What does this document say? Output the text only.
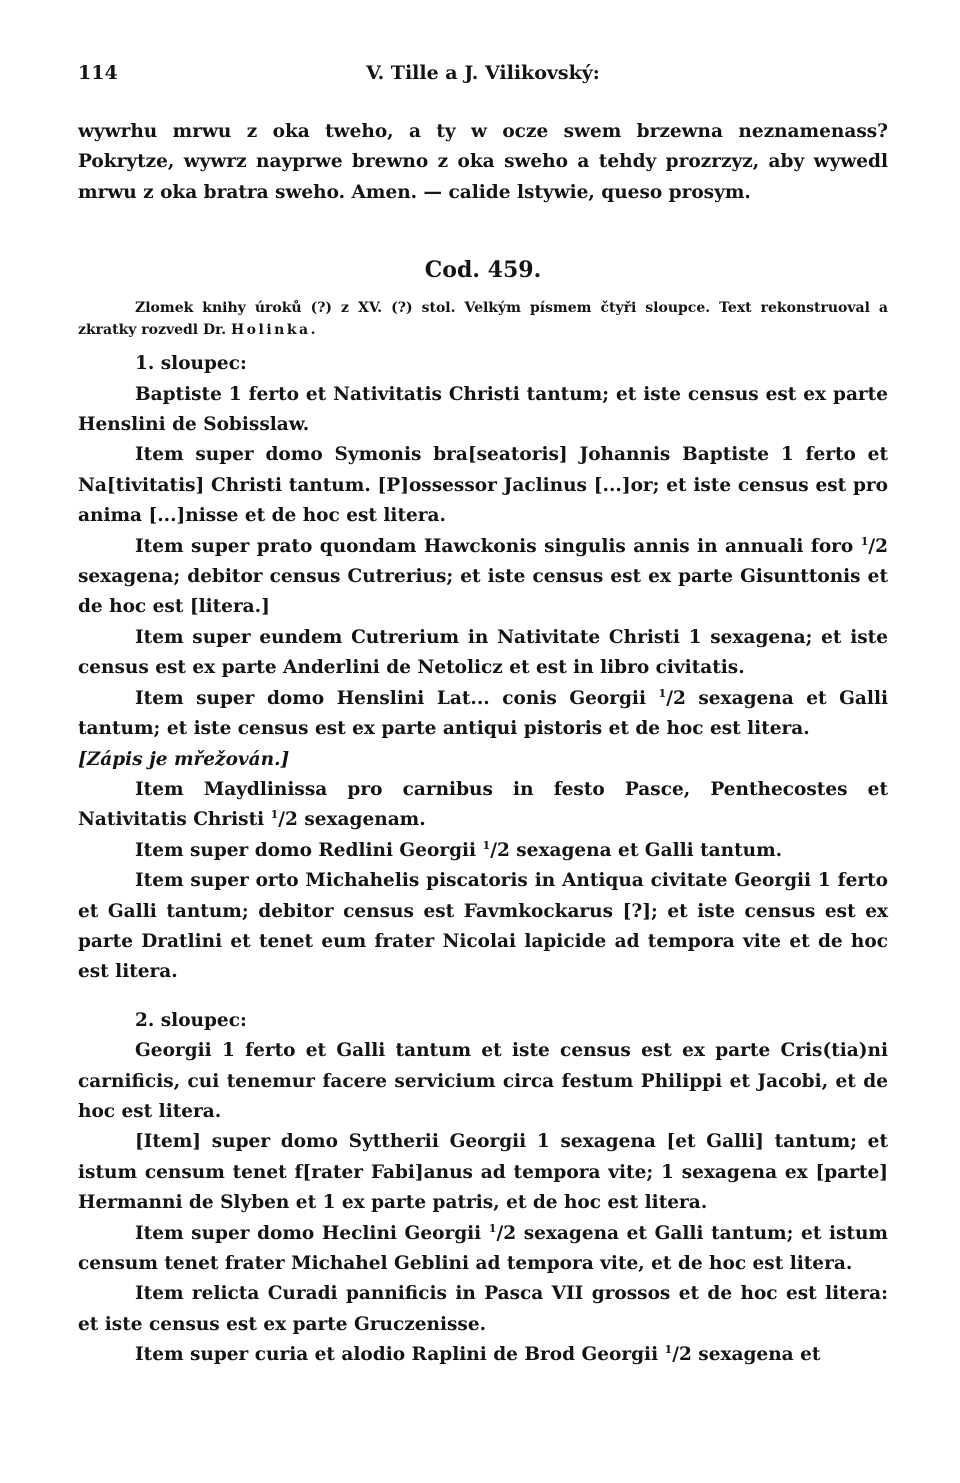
114	V. Tille a J. Vilikovský:

wywrhu mrwu z oka tweho, a ty w ocze swem brzewna neznamenass? Pokrytze, wywrz nayprwe brewno z oka sweho a tehdy prozrzyz, aby wywedl mrwu z oka bratra sweho. Amen. — calide lstywie, queso prosym.

Cod. 459.
Zlomek knihy úroků (?) z XV. (?) stol. Velkým písmem čtyři sloupce. Text rekonstruoval a zkratky rozvedl Dr. Holinka.
1. sloupec:

Baptiste 1 ferto et Nativitatis Christi tantum; et iste census est ex parte Henslini de Sobisslaw.

Item super domo Symonis bra[seatoris] Johannis Baptiste 1 ferto et Na[tivitatis] Christi tantum. [P]ossessor Jaclinus [...]or; et iste census est pro anima [...]nisse et de hoc est litera.

Item super prato quondam Hawckonis singulis annis in annuali foro $^1$/2 sexagena; debitor census Cutrerius; et iste census est ex parte Gisunttonis et de hoc est [litera.]

Item super eundem Cutrerium in Nativitate Christi 1 sexagena; et iste census est ex parte Anderlini de Netolicz et est in libro civitatis.

Item super domo Henslini Lat... conis Georgii $^1$/2 sexagena et Galli tantum; et iste census est ex parte antiqui pistoris et de hoc est litera.

[Zápis je mřežován.]

Item Maydlinissa pro carnibus in festo Pasce, Penthecostes et Nativitatis Christi $^1$/2 sexagenam.

Item super domo Redlini Georgii $^1$/2 sexagena et Galli tantum.

Item super orto Michahelis piscatoris in Antiqua civitate Georgii 1 ferto et Galli tantum; debitor census est Favmkockarus [?]; et iste census est ex parte Dratlini et tenet eum frater Nicolai lapicide ad tempora vite et de hoc est litera.

2. sloupec:

Georgii 1 ferto et Galli tantum et iste census est ex parte Cris(tia)ni carnificis, cui tenemur facere servicium circa festum Philippi et Jacobi, et de hoc est litera.

[Item] super domo Syttherii Georgii 1 sexagena [et Galli] tantum; et istum censum tenet f[rater Fabi]anus ad tempora vite; 1 sexagena ex [parte] Hermanni de Slyben et 1 ex parte patris, et de hoc est litera.

Item super domo Heclini Georgii $^1$/2 sexagena et Galli tantum; et istum censum tenet frater Michahel Geblini ad tempora vite, et de hoc est litera.

Item relicta Curadi pannificis in Pasca VII grossos et de hoc est litera: et iste census est ex parte Gruczenisse.

Item super curia et alodio Raplini de Brod Georgii $^1$/2 sexagena et
